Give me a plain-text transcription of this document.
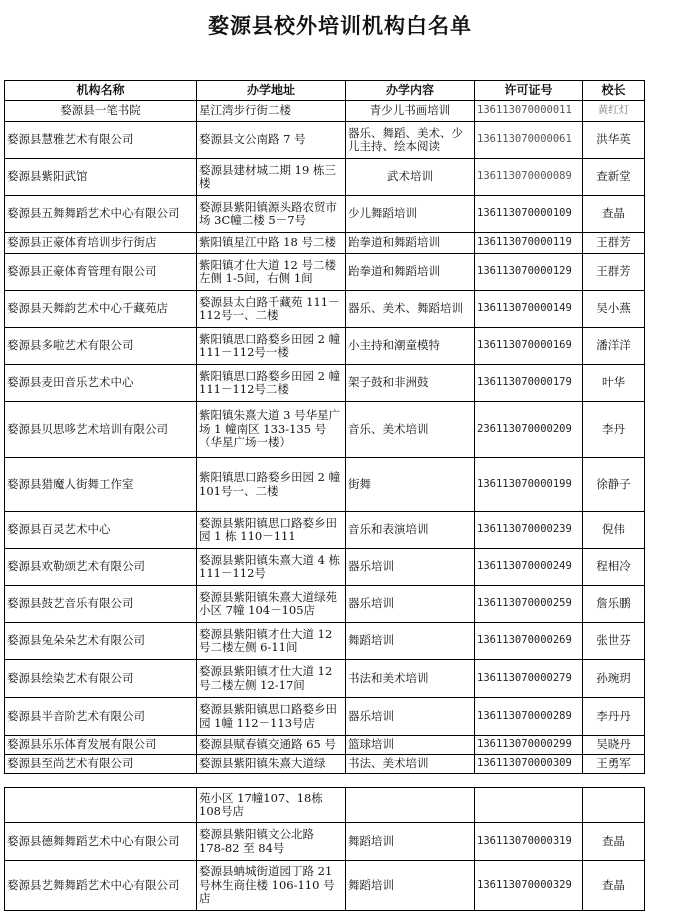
婺源县校外培训机构白名单
机构名称	办学地址	办学内容	许可证号	校长
婺源县一笔书院	星江湾步行街二楼	青少儿书画培训	136113070000011	黄红灯
婺源县慧雅艺术有限公司	婺源县文公南路 7 号	器乐、舞蹈、美术、少儿主持、绘本阅读	136113070000061	洪华英
婺源县紫阳武馆	婺源县建材城二期 19 栋三楼	武术培训	136113070000089	查新堂
婺源县五舞舞蹈艺术中心有限公司	婺源县紫阳镇源头路农贸市场 3C幢二楼 5－7号	少儿舞蹈培训	136113070000109	查晶
婺源县正豪体育培训步行街店	紫阳镇星江中路 18 号二楼	跆拳道和舞蹈培训	136113070000119	王群芳
婺源县正豪体育管理有限公司	紫阳镇才仕大道 12 号二楼左侧 1-5间，右侧 1间	跆拳道和舞蹈培训	136113070000129	王群芳
婺源县天舞韵艺术中心千藏苑店	婺源县太白路千藏苑 111－112号一、二楼	器乐、美术、舞蹈培训	136113070000149	吴小燕
婺源县多啦艺术有限公司	紫阳镇思口路婺乡田园 2 幢 111－112号一楼	小主持和潮童模特	136113070000169	潘洋洋
婺源县麦田音乐艺术中心	紫阳镇思口路婺乡田园 2 幢 111－112号二楼	架子鼓和非洲鼓	136113070000179	叶华
婺源县贝思哆艺术培训有限公司	紫阳镇朱熹大道 3 号华星广场 1 幢南区 133-135 号（华星广场一楼）	音乐、美术培训	236113070000209	李丹
婺源县猎魔人街舞工作室	紫阳镇思口路婺乡田园 2 幢 101号一、二楼	街舞	136113070000199	徐静子
婺源县百灵艺术中心	婺源县紫阳镇思口路婺乡田园 1 栋 110－111	音乐和表演培训	136113070000239	倪伟
婺源县欢勒颂艺术有限公司	婺源县紫阳镇朱熹大道 4 栋 111－112号	器乐培训	136113070000249	程相冷
婺源县鼓艺音乐有限公司	婺源县紫阳镇朱熹大道绿苑小区 7幢 104－105店	器乐培训	136113070000259	詹乐鹏
婺源县兔朵朵艺术有限公司	婺源县紫阳镇才仕大道 12 号二楼左侧 6-11间	舞蹈培训	136113070000269	张世芬
婺源县绘染艺术有限公司	婺源县紫阳镇才仕大道 12 号二楼左侧 12-17间	书法和美术培训	136113070000279	孙琬玥
婺源县半音阶艺术有限公司	婺源县紫阳镇思口路婺乡田园 1幢 112－113号店	器乐培训	136113070000289	李丹丹
婺源县乐乐体育发展有限公司	婺源县赋春镇交通路 65 号	篮球培训	136113070000299	吴晓丹
婺源县至尚艺术有限公司	婺源县紫阳镇朱熹大道绿	书法、美术培训	136113070000309	王勇军
	苑小区 17幢107、18栋 108号店			
婺源县德舞舞蹈艺术中心有限公司	婺源县紫阳镇文公北路 178-82 至 84号	舞蹈培训	136113070000319	查晶
婺源县艺舞舞蹈艺术中心有限公司	婺源县蚺城街道园丁路 21号林生商住楼 106-110 号店	舞蹈培训	136113070000329	查晶
